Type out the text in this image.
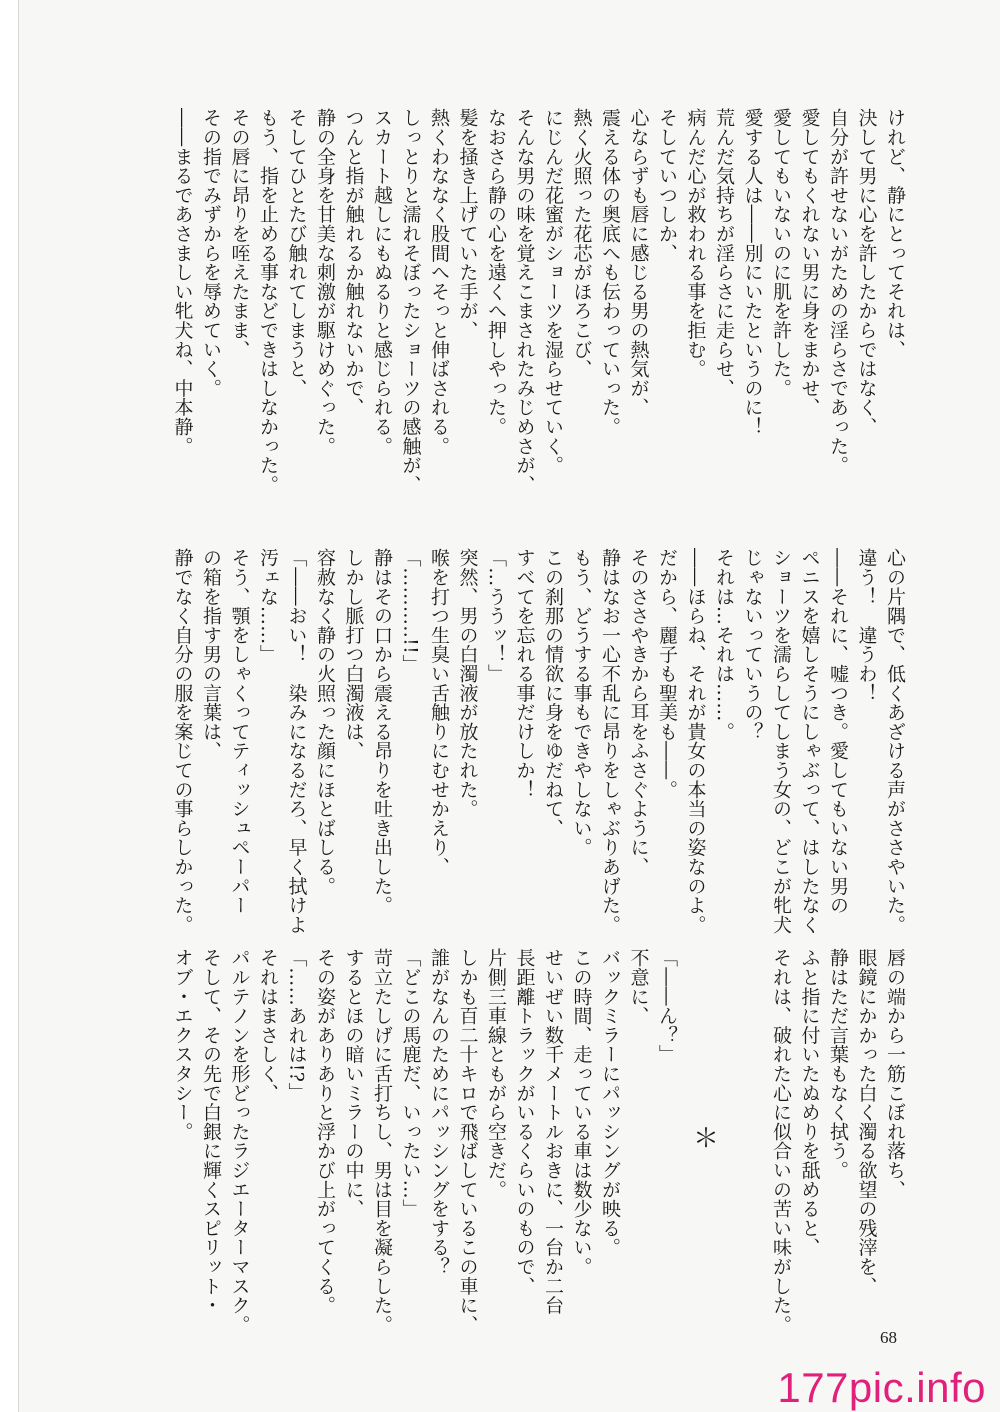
けれど、静にとってそれは、
決して男に心を許したからではなく、
自分が許せないがための淫らさであった。
愛してもくれない男に身をまかせ、
愛してもいないのに肌を許した。
愛する人は――別にいたというのに！
荒んだ気持ちが淫らさに走らせ、
病んだ心が救われる事を拒む。
そしていつしか、
心ならずも唇に感じる男の熱気が、
震える体の奥底へも伝わっていった。
熱く火照った花芯がほろこび、
にじんだ花蜜がショーツを湿らせていく。
そんな男の味を覚えこまされたみじめさが、
なおさら静の心を遠くへ押しやった。
髪を掻き上げていた手が、
熱くわななく股間へそっと伸ばされる。
しっとりと濡れそぼったショーツの感触が、
スカート越しにもぬるりと感じられる。
つんと指が触れるか触れないかで、
静の全身を甘美な刺激が駆けめぐった。
そしてひとたび触れてしまうと、
もう、指を止める事などできはしなかった。
その唇に昂りを咥えたまま、
その指でみずからを辱めていく。
――まるであさましい牝犬ね、中本静。
心の片隅で、低くあざける声がささやいた。
違う！　違うわ！
――それに、嘘つき。愛してもいない男の
ペニスを嬉しそうにしゃぶって、はしたなく
ショーツを濡らしてしまう女の、どこが牝犬
じゃないっていうの？
それは…それは……。
――ほらね、それが貴女の本当の姿なのよ。
だから、麗子も聖美も――。
そのささやきから耳をふさぐように、
静はなお一心不乱に昂りをしゃぶりあげた。
もう、どうする事もできやしない。
この刹那の情欲に身をゆだねて、
すべてを忘れる事だけしか！
「…ううッ！」
突然、男の白濁液が放たれた。
喉を打つ生臭い舌触りにむせかえり、
「………‥!!」
静はその口から震える昂りを吐き出した。
しかし脈打つ白濁液は、
容赦なく静の火照った顔にほとばしる。
「――おい！　染みになるだろ、早く拭けよ
汚ェな……」
そう、顎をしゃくってティッシュペーパー
の箱を指す男の言葉は、
静でなく自分の服を案じての事らしかった。
唇の端から一筋こぼれ落ち、
眼鏡にかかった白く濁る欲望の残滓を、
静はただ言葉もなく拭う。
ふと指に付いたぬめりを舐めると、
それは、破れた心に似合いの苦い味がした。
「――ん？」
不意に、
バックミラーにパッシングが映る。
この時間、走っている車は数少ない。
せいぜい数千メートルおきに、一台か二台
長距離トラックがいるくらいのもので、
片側三車線ともがら空きだ。
しかも百二十キロで飛ばしているこの車に、
誰がなんのためにパッシングをする？
「どこの馬鹿だ、いったい…」
苛立たしげに舌打ちし、男は目を凝らした。
するとほの暗いミラーの中に、
その姿がありありと浮かび上がってくる。
「……あれは!?」
それはまさしく、
パルテノンを形どったラジエーターマスク。
そして、その先で白銀に輝くスピリット・
オブ・エクスタシー。	＊
68
177pic.info
